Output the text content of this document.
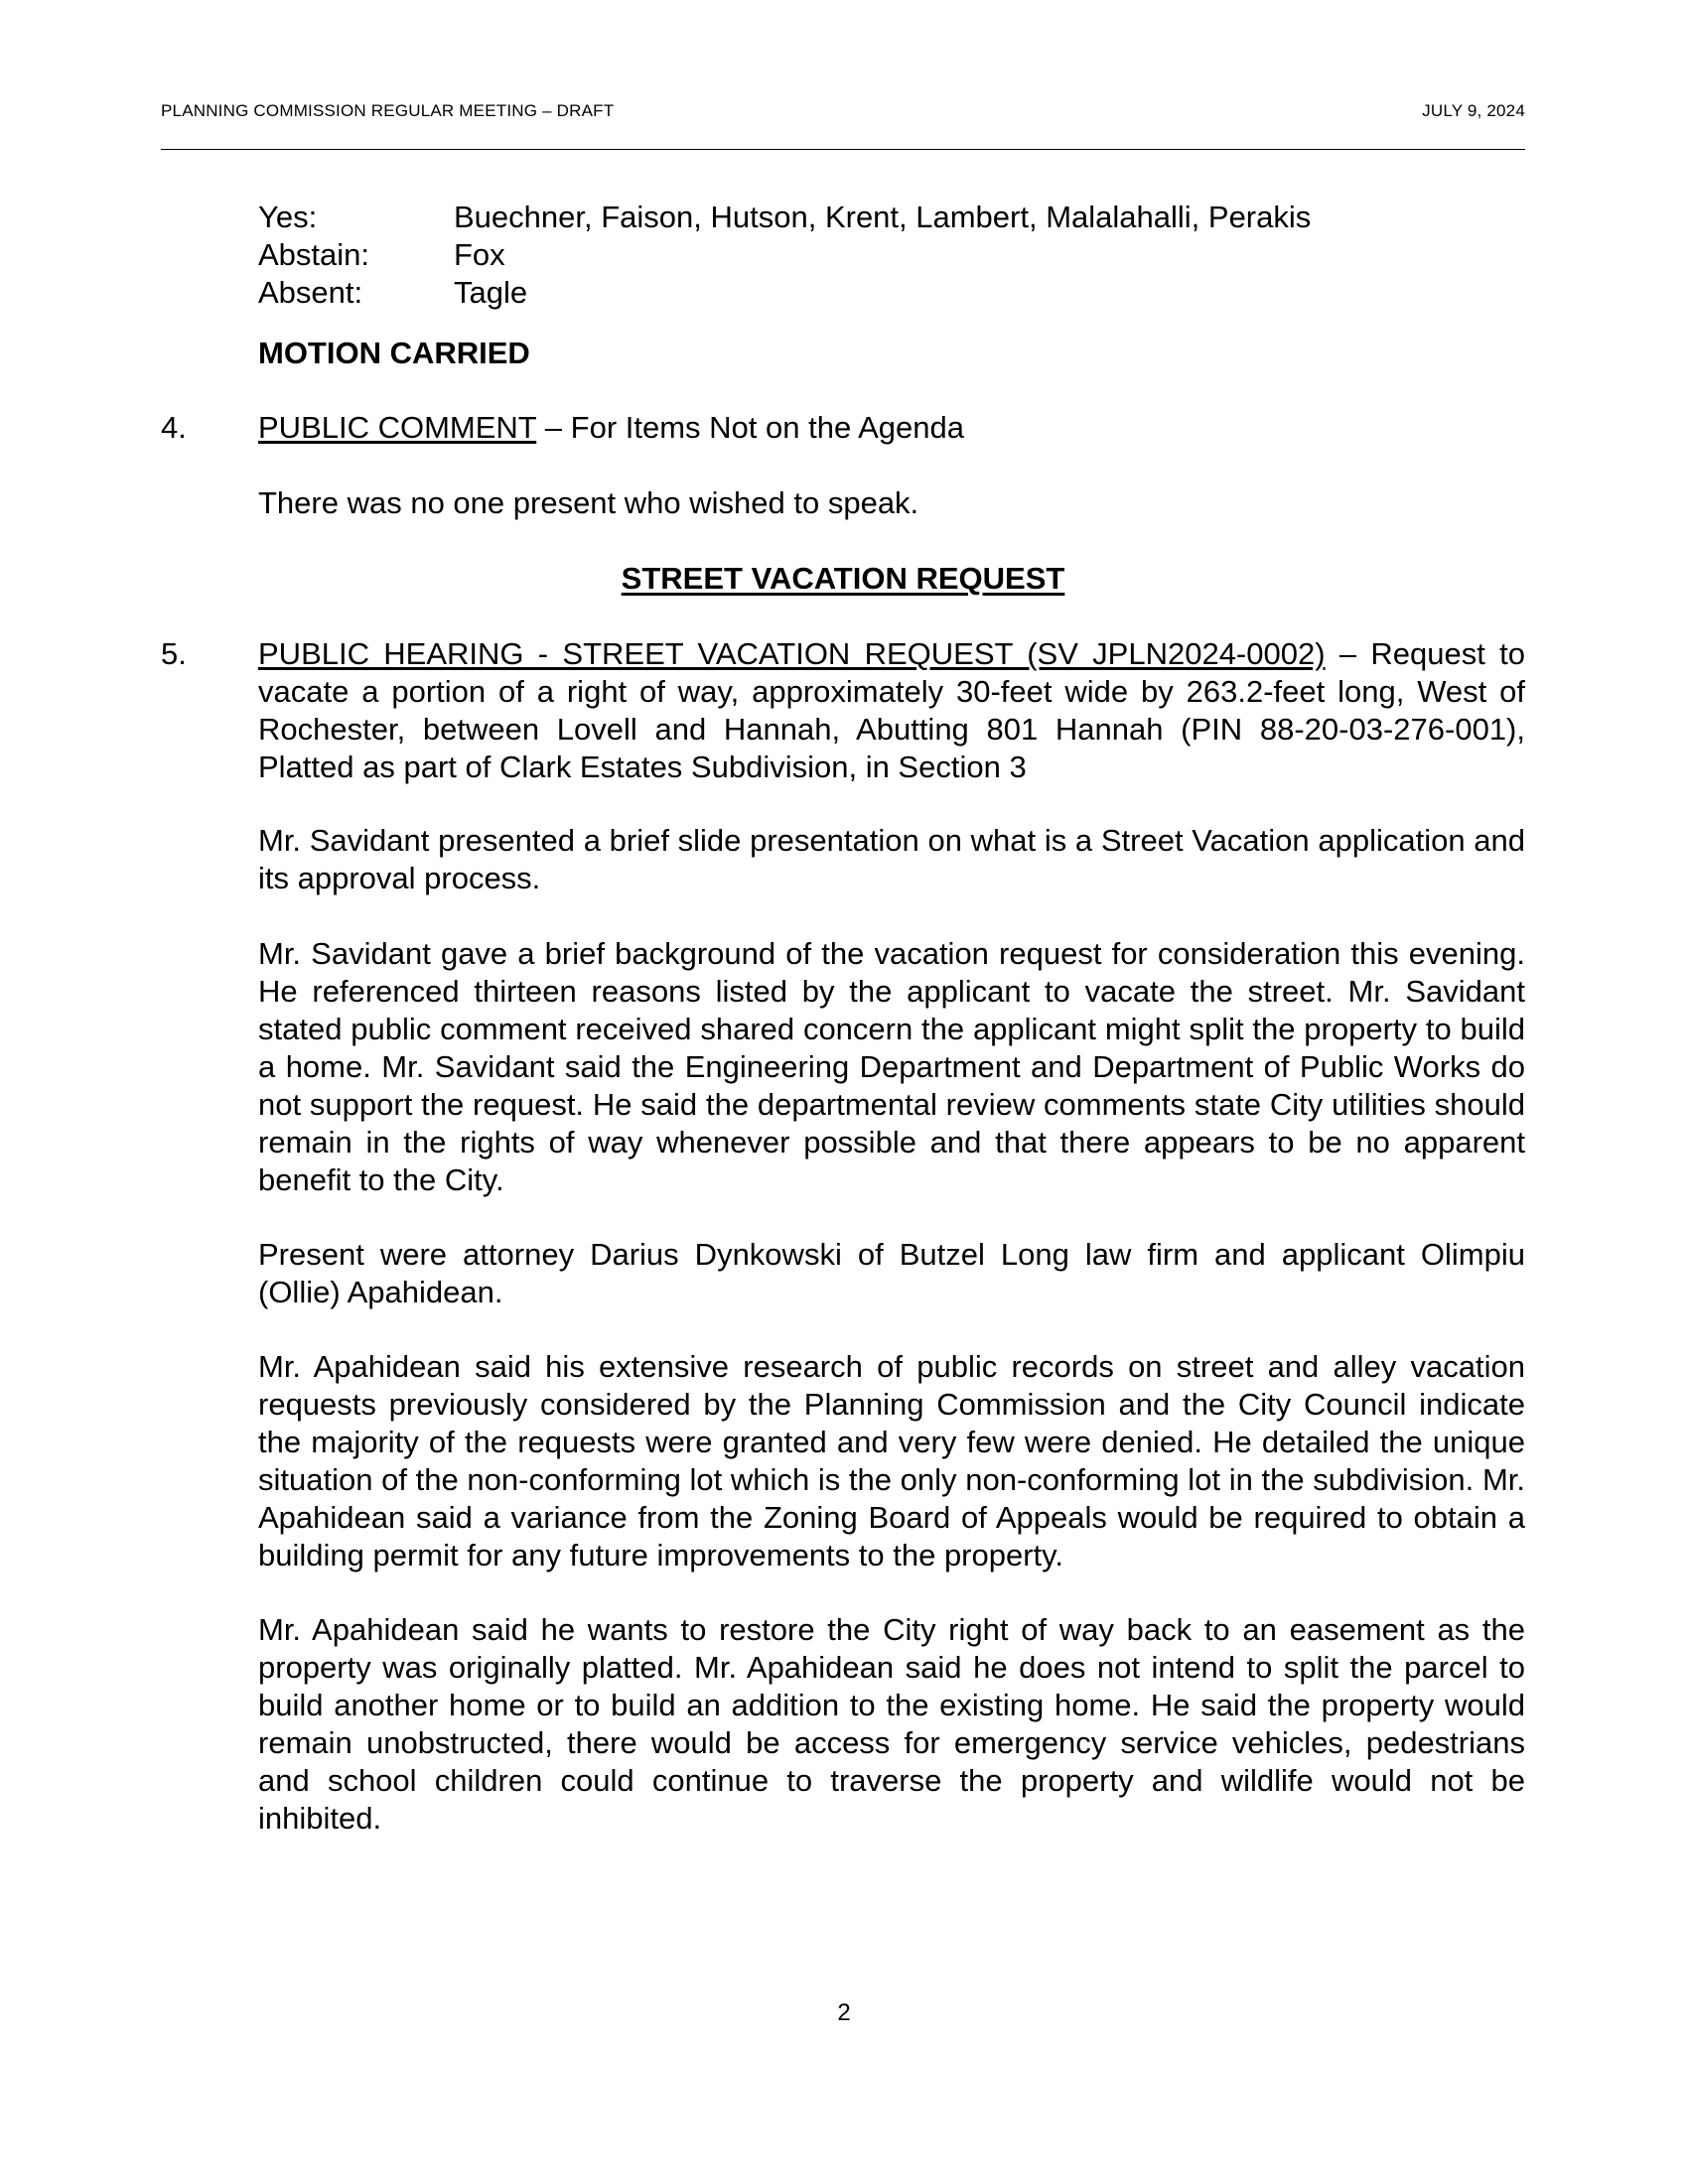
PLANNING COMMISSION REGULAR MEETING – DRAFT	JULY 9, 2024
Yes:	Buechner, Faison, Hutson, Krent, Lambert, Malalahalli, Perakis
Abstain:	Fox
Absent:	Tagle
MOTION CARRIED
4. PUBLIC COMMENT – For Items Not on the Agenda
There was no one present who wished to speak.
STREET VACATION REQUEST
5. PUBLIC HEARING - STREET VACATION REQUEST (SV JPLN2024-0002) – Request to vacate a portion of a right of way, approximately 30-feet wide by 263.2-feet long, West of Rochester, between Lovell and Hannah, Abutting 801 Hannah (PIN 88-20-03-276-001), Platted as part of Clark Estates Subdivision, in Section 3
Mr. Savidant presented a brief slide presentation on what is a Street Vacation application and its approval process.
Mr. Savidant gave a brief background of the vacation request for consideration this evening. He referenced thirteen reasons listed by the applicant to vacate the street. Mr. Savidant stated public comment received shared concern the applicant might split the property to build a home. Mr. Savidant said the Engineering Department and Department of Public Works do not support the request. He said the departmental review comments state City utilities should remain in the rights of way whenever possible and that there appears to be no apparent benefit to the City.
Present were attorney Darius Dynkowski of Butzel Long law firm and applicant Olimpiu (Ollie) Apahidean.
Mr. Apahidean said his extensive research of public records on street and alley vacation requests previously considered by the Planning Commission and the City Council indicate the majority of the requests were granted and very few were denied. He detailed the unique situation of the non-conforming lot which is the only non-conforming lot in the subdivision. Mr. Apahidean said a variance from the Zoning Board of Appeals would be required to obtain a building permit for any future improvements to the property.
Mr. Apahidean said he wants to restore the City right of way back to an easement as the property was originally platted. Mr. Apahidean said he does not intend to split the parcel to build another home or to build an addition to the existing home. He said the property would remain unobstructed, there would be access for emergency service vehicles, pedestrians and school children could continue to traverse the property and wildlife would not be inhibited.
2
